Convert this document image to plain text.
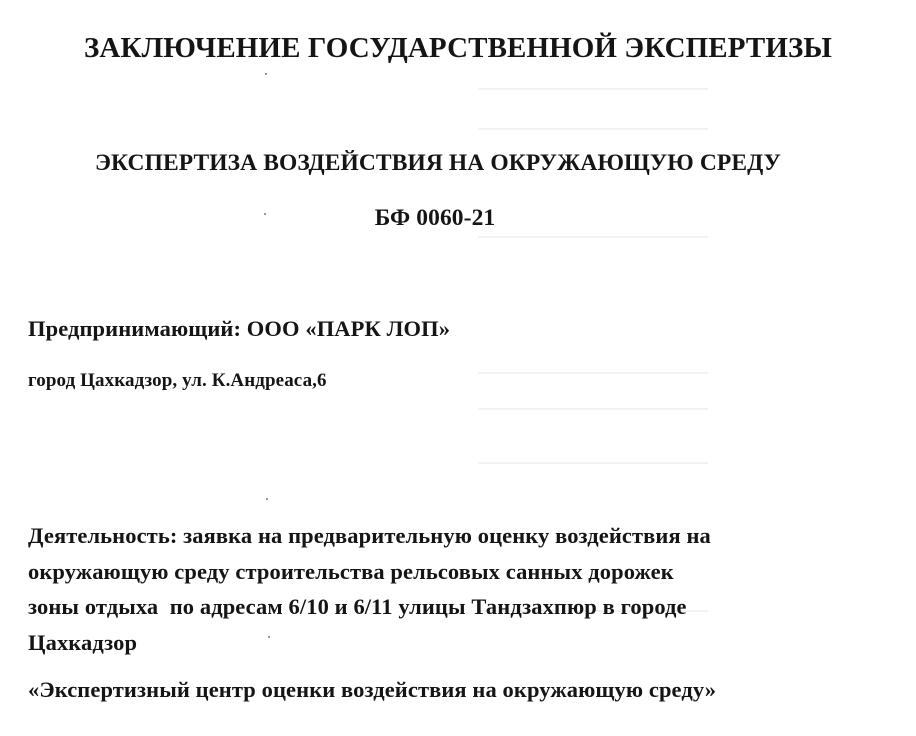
ЗАКЛЮЧЕНИЕ ГОСУДАРСТВЕННОЙ ЭКСПЕРТИЗЫ
ЭКСПЕРТИЗА ВОЗДЕЙСТВИЯ НА ОКРУЖАЮЩУЮ СРЕДУ
БФ 0060-21
Предпринимающий: ООО «ПАРК ЛОП»
город Цахкадзор, ул. К.Андреаса,6
Деятельность: заявка на предварительную оценку воздействия на
окружающую среду строительства рельсовых санных дорожек
зоны отдыха  по адресам 6/10 и 6/11 улицы Тандзахпюр в городе
Цахкадзор
«Экспертизный центр оценки воздействия на окружающую среду»
